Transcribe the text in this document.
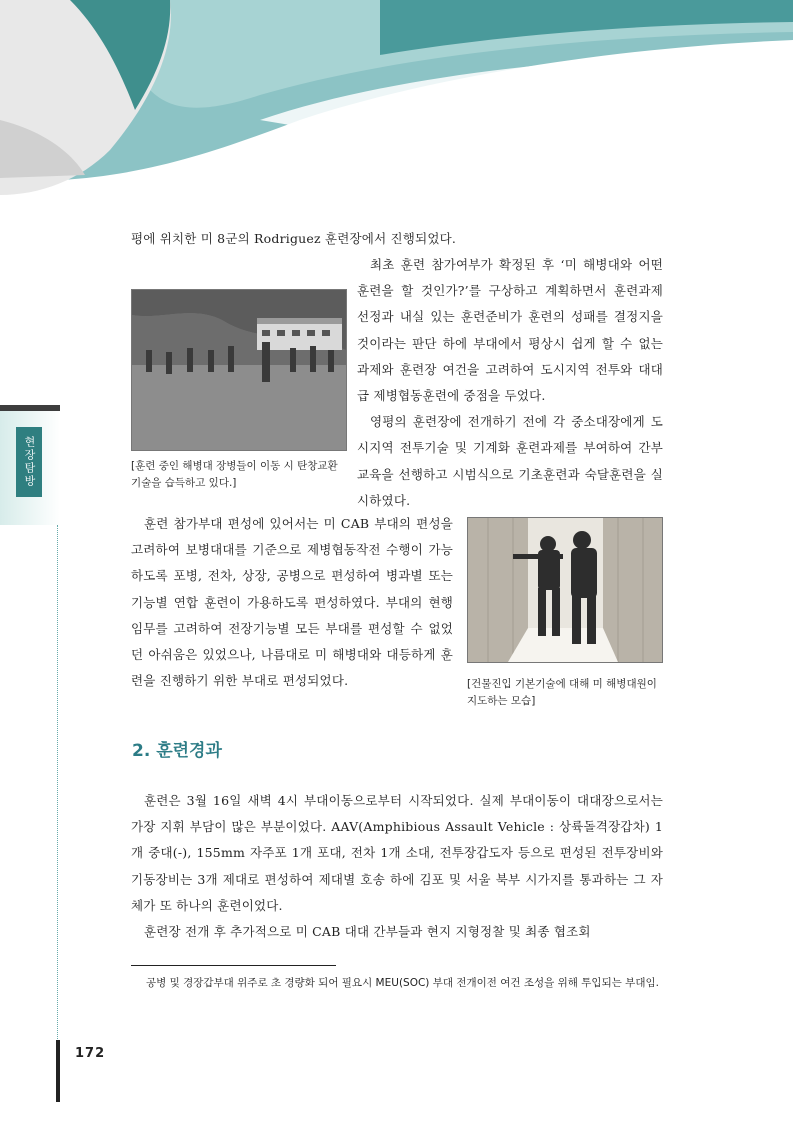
현장탐방

평에 위치한 미 8군의 Rodriguez 훈련장에서 진행되었다.

최초 훈련 참가여부가 확정된 후 ‘미 해병대와 어떤 훈련을 할 것인가?’를 구상하고 계획하면서 훈련과제 선정과 내실 있는 훈련준비가 훈련의 성패를 결정지을 것이라는 판단 하에 부대에서 평상시 쉽게 할 수 없는 과제와 훈련장 여건을 고려하여 도시지역 전투와 대대급 제병협동훈련에 중점을 두었다.

영평의 훈련장에 전개하기 전에 각 중소대장에게 도시지역 전투기술 및 기계화 훈련과제를 부여하여 간부교육을 선행하고 시범식으로 기초훈련과 숙달훈련을 실시하였다.

[훈련 중인 해병대 장병들이 이동 시 탄창교환 기술을 습득하고 있다.]

훈련 참가부대 편성에 있어서는 미 CAB 부대의 편성을 고려하여 보병대대를 기준으로 제병협동작전 수행이 가능하도록 포병, 전차, 상장, 공병으로 편성하여 병과별 또는 기능별 연합 훈련이 가용하도록 편성하였다. 부대의 현행 임무를 고려하여 전장기능별 모든 부대를 편성할 수 없었던 아쉬움은 있었으나, 나름대로 미 해병대와 대등하게 훈련을 진행하기 위한 부대로 편성되었다.	[건물진입 기본기술에 대해 미 해병대원이 지도하는 모습]
2. 훈련경과

훈련은 3월 16일 새벽 4시 부대이동으로부터 시작되었다. 실제 부대이동이 대대장으로서는 가장 지휘 부담이 많은 부분이었다. AAV(Amphibious Assault Vehicle : 상륙돌격장갑차) 1개 중대(-), 155mm 자주포 1개 포대, 전차 1개 소대, 전투장갑도자 등으로 편성된 전투장비와 기동장비는 3개 제대로 편성하여 제대별 호송 하에 김포 및 서울 북부 시가지를 통과하는 그 자체가 또 하나의 훈련이었다.

훈련장 전개 후 추가적으로 미 CAB 대대 간부들과 현지 지형정찰 및 최종 협조회

공병 및 경장갑부대 위주로 초 경량화 되어 필요시 MEU(SOC) 부대 전개이전 여건 조성을 위해 투입되는 부대임.
172
